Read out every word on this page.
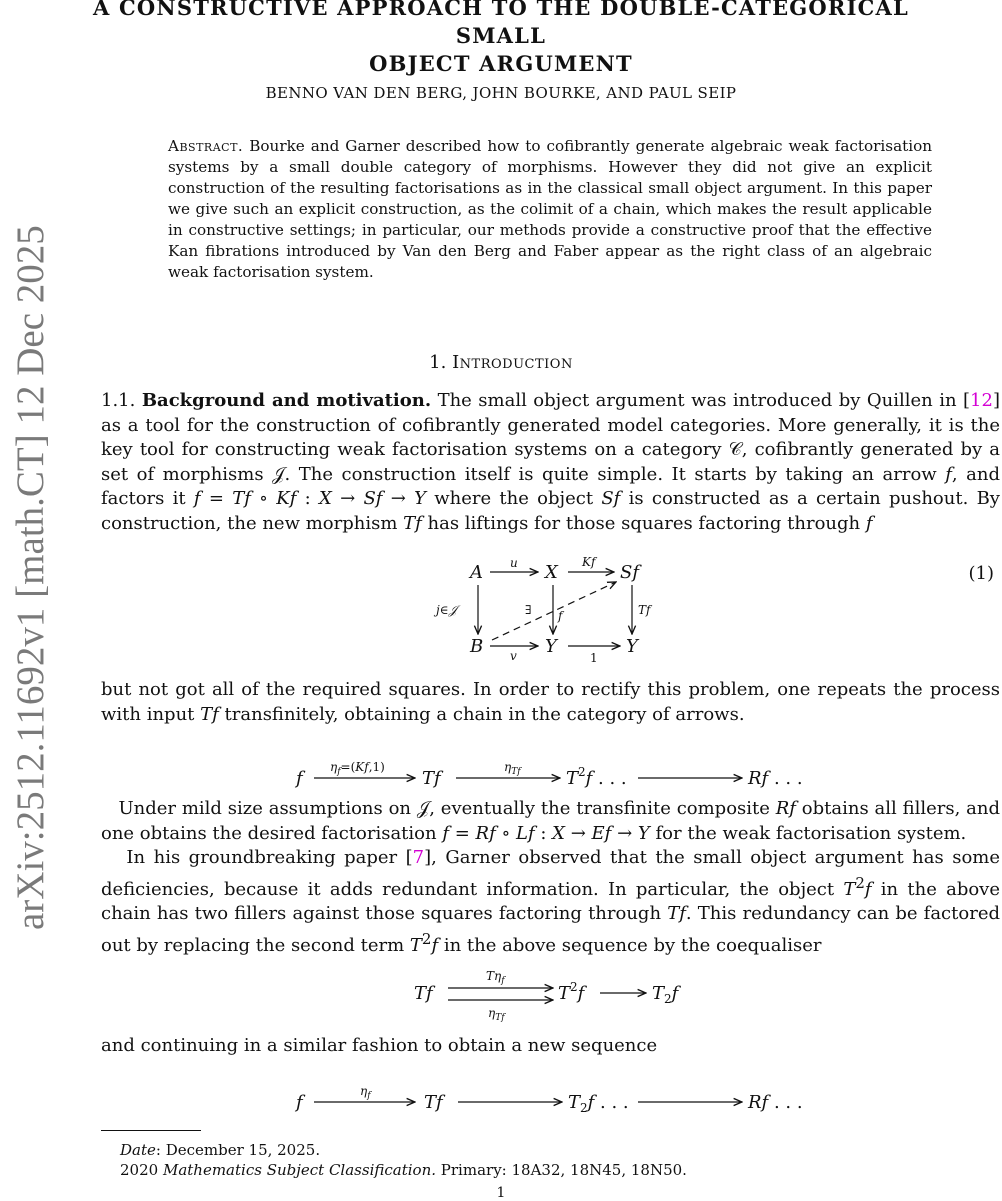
A CONSTRUCTIVE APPROACH TO THE DOUBLE-CATEGORICAL SMALL
OBJECT ARGUMENT
BENNO VAN DEN BERG, JOHN BOURKE, AND PAUL SEIP
Abstract. Bourke and Garner described how to cofibrantly generate algebraic weak factorisation systems by a small double category of morphisms. However they did not give an explicit construction of the resulting factorisations as in the classical small object argument. In this paper we give such an explicit construction, as the colimit of a chain, which makes the result applicable in constructive settings; in particular, our methods provide a constructive proof that the effective Kan fibrations introduced by Van den Berg and Faber appear as the right class of an algebraic weak factorisation system.
arXiv:2512.11692v1 [math.CT] 12 Dec 2025	1. Introduction
1.1. Background and motivation. The small object argument was introduced by Quillen in [12] as a tool for the construction of cofibrantly generated model categories. More generally, it is the key tool for constructing weak factorisation systems on a category 𝒞, cofibrantly generated by a set of morphisms 𝒥. The construction itself is quite simple. It starts by taking an arrow f, and factors it f = Tf ∘ Kf : X → Sf → Y where the object Sf is constructed as a certain pushout. By construction, the new morphism Tf has liftings for those squares factoring through f
A	X	Sf
B	Y	Y
u	Kf
j∈𝒥	f	Tf
v	1
∃
(1)
but not got all of the required squares. In order to rectify this problem, one repeats the process with input Tf transfinitely, obtaining a chain in the category of arrows.
f
$\eta_f=(Kf,1)$
Tf
$\eta_{Tf}$	$T^2f$ . . .	Rf . . .
Under mild size assumptions on 𝒥, eventually the transfinite composite Rf obtains all fillers, and one obtains the desired factorisation f = Rf ∘ Lf : X → Ef → Y for the weak factorisation system.
In his groundbreaking paper [7], Garner observed that the small object argument has some deficiencies, because it adds redundant information. In particular, the object $T^2f$ in the above chain has two fillers against those squares factoring through Tf. This redundancy can be factored out by replacing the second term $T^2f$ in the above sequence by the coequaliser
Tf
$T\eta_f$
$\eta_{Tf}$
$T^2f$	$T_2f$
and continuing in a similar fashion to obtain a new sequence
f
$\eta_f$	Tf	$T_2f$ . . .	Rf . . .
Date: December 15, 2025.
2020 Mathematics Subject Classification. Primary: 18A32, 18N45, 18N50.
1
